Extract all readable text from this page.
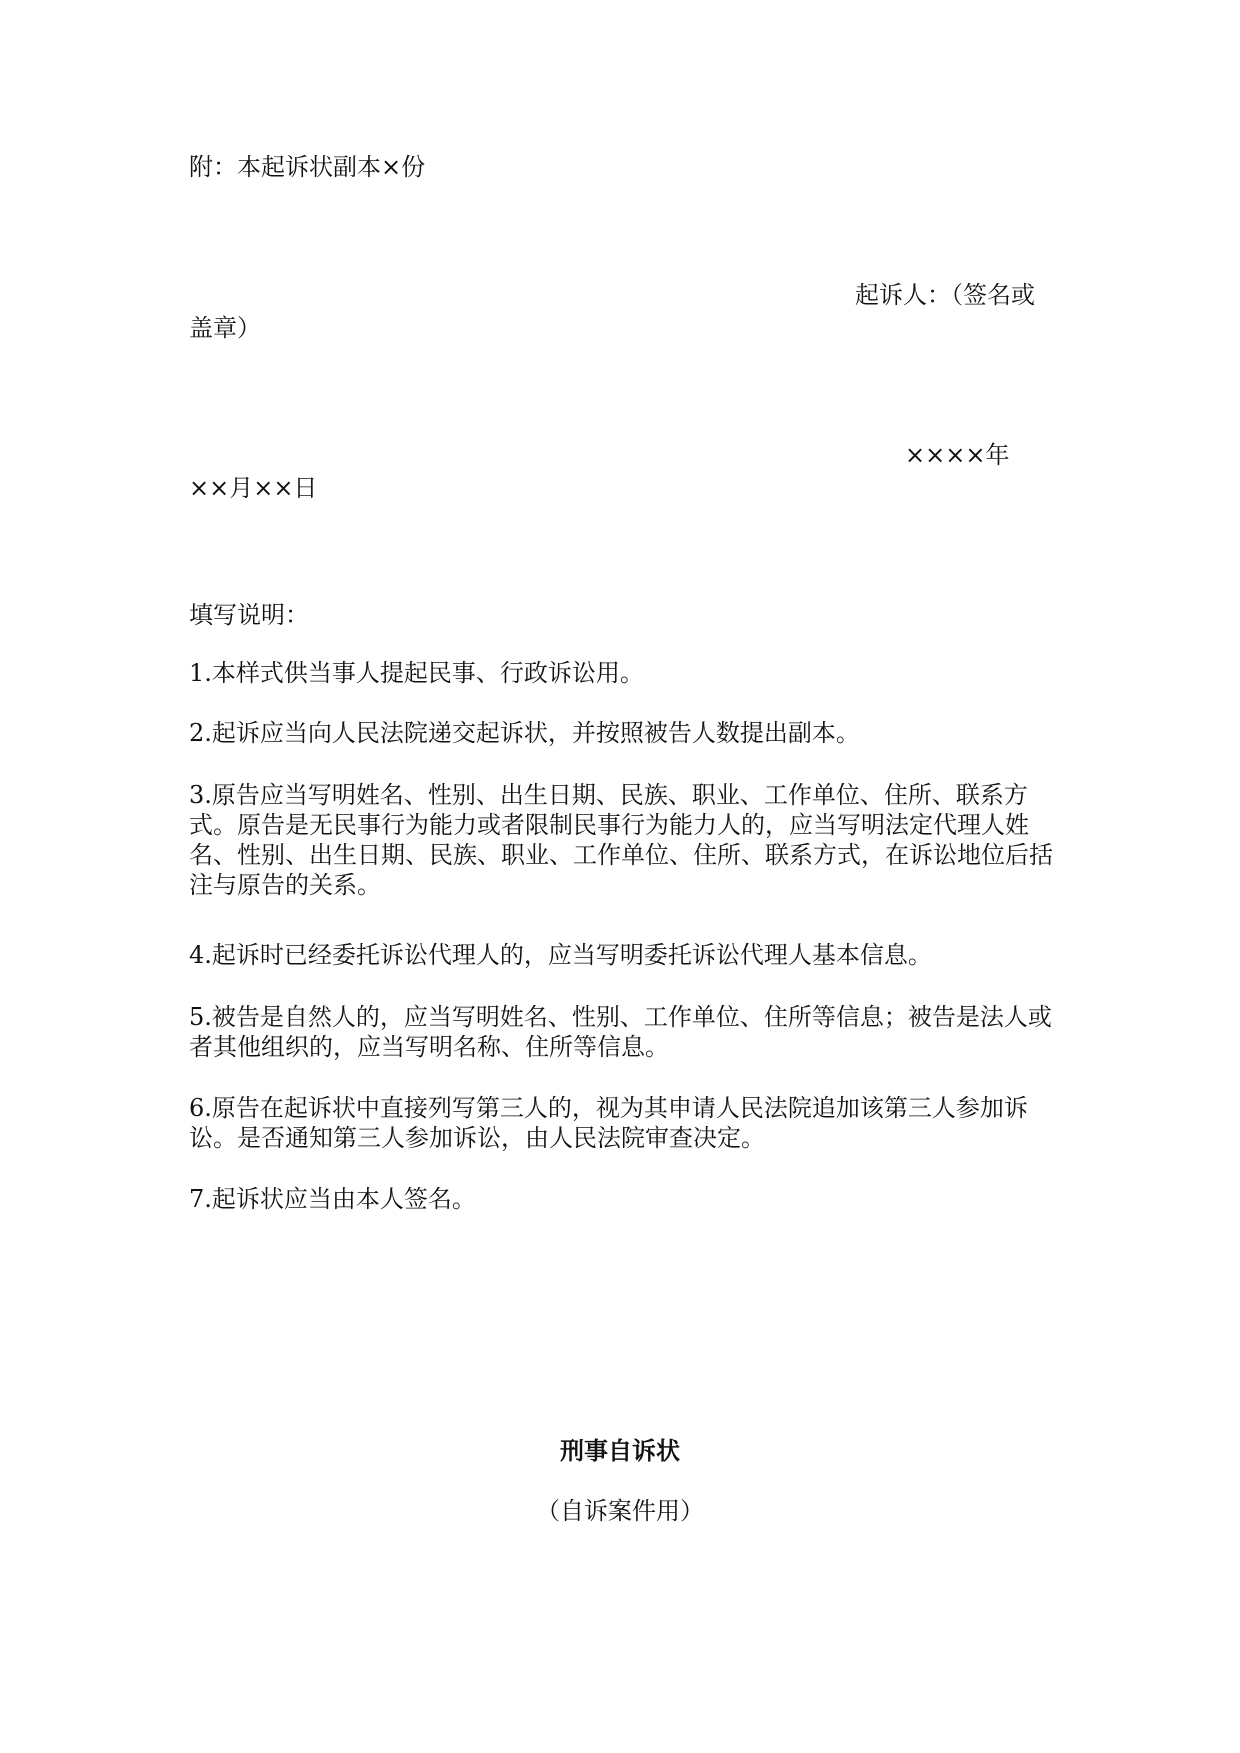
附：本起诉状副本×份

起诉人：（签名或

盖章）

××××年

××月××日

填写说明：

1.本样式供当事人提起民事、行政诉讼用。

2.起诉应当向人民法院递交起诉状，并按照被告人数提出副本。

3.原告应当写明姓名、性别、出生日期、民族、职业、工作单位、住所、联系方式。原告是无民事行为能力或者限制民事行为能力人的，应当写明法定代理人姓名、性别、出生日期、民族、职业、工作单位、住所、联系方式，在诉讼地位后括注与原告的关系。

4.起诉时已经委托诉讼代理人的，应当写明委托诉讼代理人基本信息。

5.被告是自然人的，应当写明姓名、性别、工作单位、住所等信息；被告是法人或者其他组织的，应当写明名称、住所等信息。

6.原告在起诉状中直接列写第三人的，视为其申请人民法院追加该第三人参加诉讼。是否通知第三人参加诉讼，由人民法院审查决定。

7.起诉状应当由本人签名。

刑事自诉状

（自诉案件用）
